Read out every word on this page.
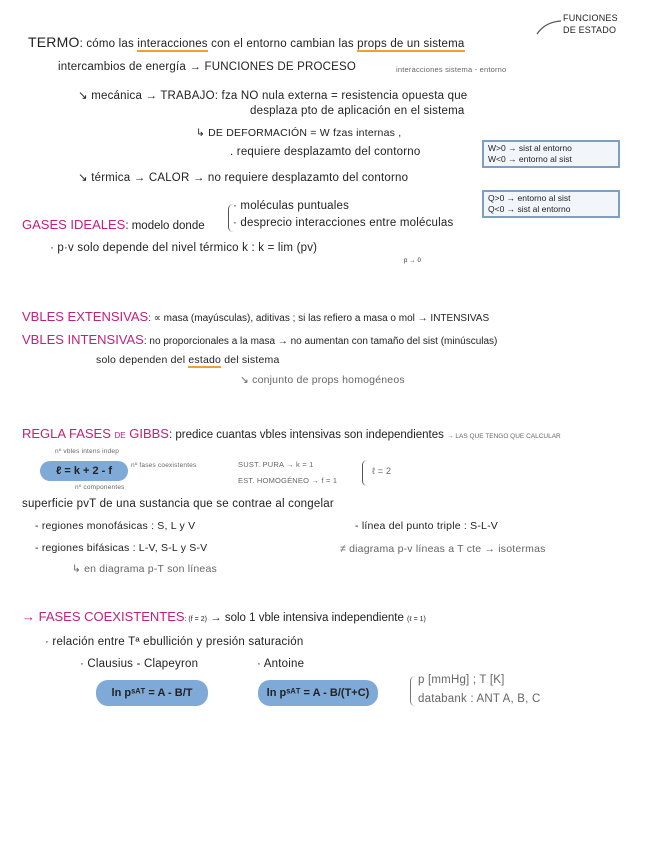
FUNCIONES
DE ESTADO
TERMO: cómo las interacciones con el entorno cambian las props de un sistema
intercambios de energía → FUNCIONES DE PROCESO	interacciones sistema - entorno
↘ mecánica → TRABAJO: fza NO nula externa = resistencia opuesta que
desplaza pto de aplicación en el sistema
↳ DE DEFORMACIÓN = W fzas internas ,
. requiere desplazamto del contorno	W>0 → sist al entorno
W<0 → entorno al sist
↘ térmica → CALOR → no requiere desplazamto del contorno
Q>0 → entorno al sist
Q<0 → sist al entorno
GASES IDEALES: modelo donde
· moléculas puntuales
· desprecio interacciones entre moléculas
· p·v solo depende del nivel térmico k : k = lim (pv)
p → 0
VBLES EXTENSIVAS: ∝ masa (mayúsculas), aditivas ; si las refiero a masa o mol → INTENSIVAS
VBLES INTENSIVAS: no proporcionales a la masa → no aumentan con tamaño del sist (minúsculas)
solo dependen del estado del sistema
↘ conjunto de props homogéneos
REGLA FASES DE GIBBS: predice cuantas vbles intensivas son independientes → LAS QUE TENGO QUE CALCULAR
nº vbles intens indep
ℓ = k + 2 - f	nº fases coexistentes
nº componentes
SUST. PURA → k = 1
EST. HOMOGÉNEO → f = 1
ℓ = 2
superficie pvT de una sustancia que se contrae al congelar
- regiones monofásicas : S, L y V	- línea del punto triple : S-L-V
- regiones bifásicas : L-V, S-L y S-V	≠ diagrama p-v líneas a T cte → isotermas
↳ en diagrama p-T son líneas
→ FASES COEXISTENTES: (f = 2) → solo 1 vble intensiva independiente (ℓ = 1)
· relación entre Tª ebullición y presión saturación
· Clausius - Clapeyron	· Antoine
ln pˢᴬᵀ = A - B/T	ln pˢᴬᵀ = A - B/(T+C)
p [mmHg] ; T [K]
databank : ANT A, B, C
